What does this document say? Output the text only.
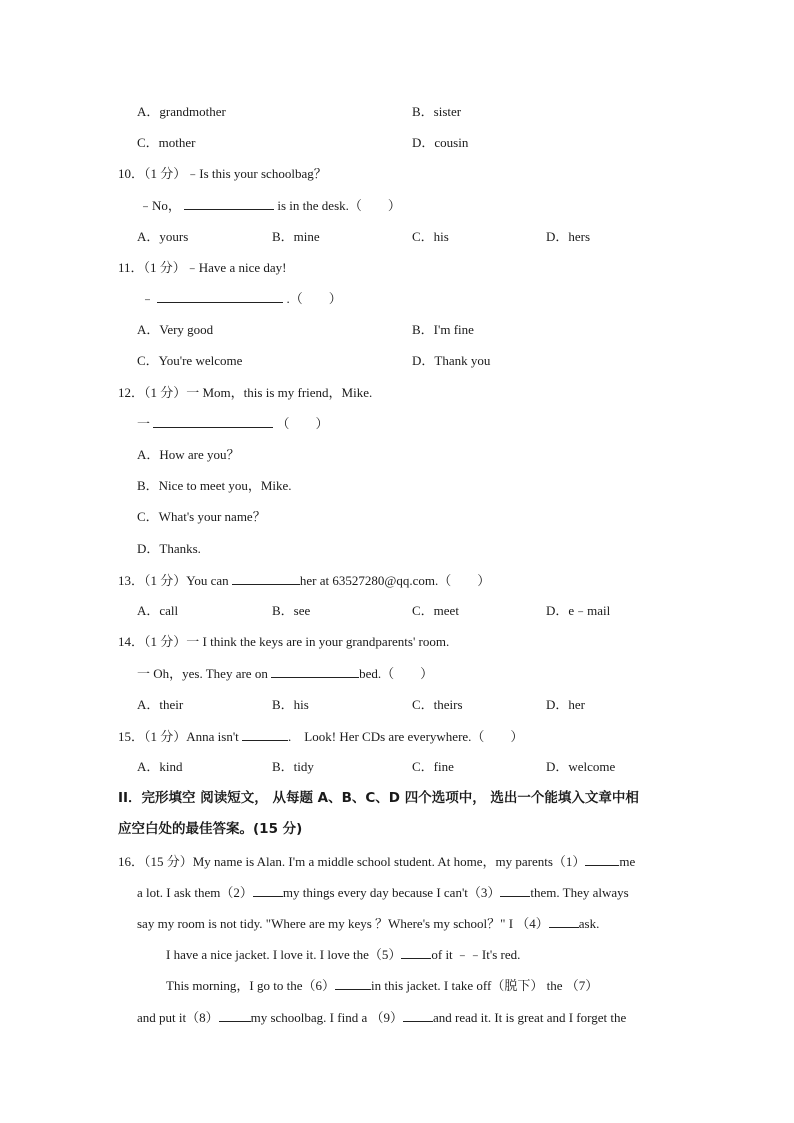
A．grandmother	B．sister
C．mother	D．cousin
10．（1 分）﹣Is this your schoolbag？
﹣No，	is in the desk.（　　）
A．yours	B．mine	C．his	D．hers
11．（1 分）﹣Have a nice day!
﹣	.（　　）
A．Very good	B．I'm fine
C．You're welcome	D．Thank you
12．（1 分）一 Mom，this is my friend，Mike.
一	（　　）
A．How are you？
B．Nice to meet you，Mike.
C．What's your name？
D．Thanks.
13．（1 分）You can	her at 63527280@qq.com.（　　）
A．call	B．see	C．meet	D．e﹣mail
14．（1 分）一 I think the keys are in your grandparents' room.
一 Oh，yes. They are on	bed.（　　）
A．their	B．his	C．theirs	D．her
15．（1 分）Anna isn't	.　Look! Her CDs are everywhere.（　　）
A．kind	B．tidy	C．fine	D．welcome
II．完形填空 阅读短文， 从每题 A、B、C、D 四个选项中， 选出一个能填入文章中相
应空白处的最佳答案。(15 分)
16．（15 分）My name is Alan. I'm a middle school student. At home，my parents（1）	me
a lot. I ask them（2） my things every day because I can't（3） them. They always
say my room is not tidy. "Where are my keys ？Where's my school？" I （4） ask.
I have a nice jacket. I love it. I love the（5） of it ﹣﹣It's red.
This morning，I go to the（6）	in this jacket. I take off（脱下） the （7）
and put it（8） my schoolbag. I find a （9） and read it. It is great and I forget the
